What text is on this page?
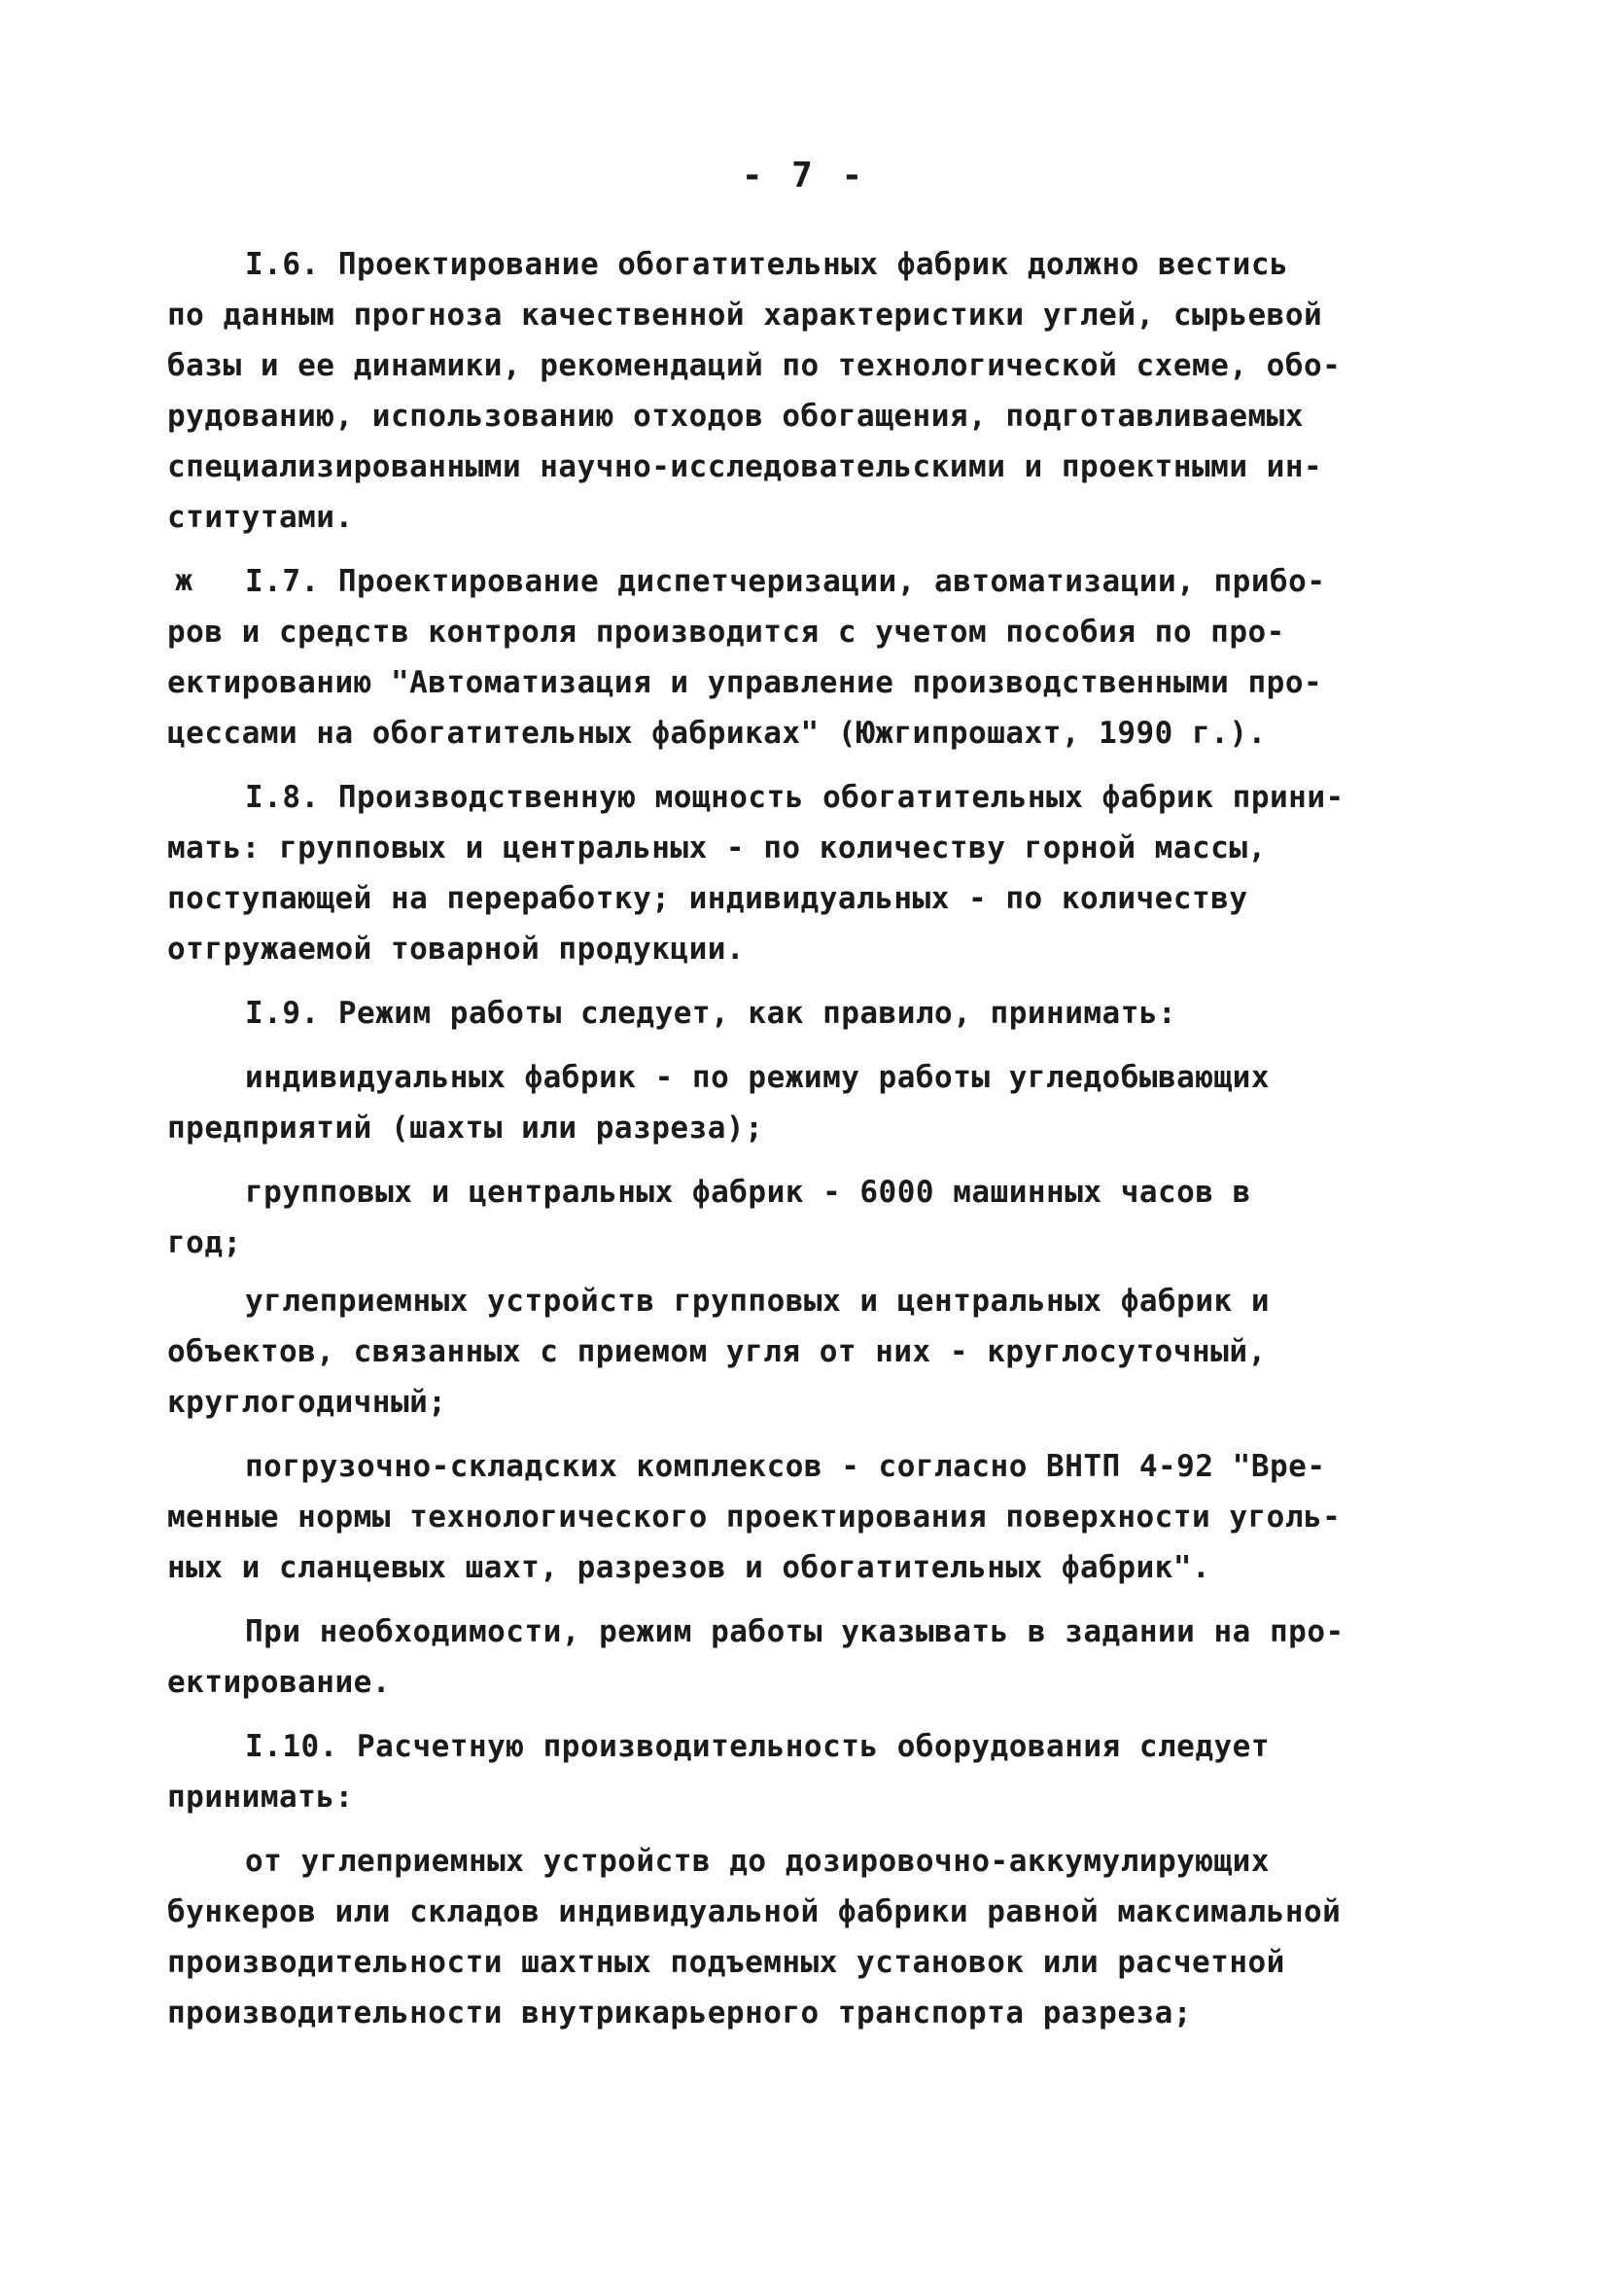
- 7 -
ж
I.6. Проектирование обогатительных фабрик должно вестись
по данным прогноза качественной характеристики углей, сырьевой
базы и ее динамики, рекомендаций по технологической схеме, обо-
рудованию, использованию отходов обогащения, подготавливаемых
специализированными научно-исследовательскими и проектными ин-
ститутами.
I.7. Проектирование диспетчеризации, автоматизации, прибо-
ров и средств контроля производится с учетом пособия по про-
ектированию "Автоматизация и управление производственными про-
цессами на обогатительных фабриках" (Южгипрошахт, 1990 г.).
I.8. Производственную мощность обогатительных фабрик прини-
мать: групповых и центральных - по количеству горной массы,
поступающей на переработку; индивидуальных - по количеству
отгружаемой товарной продукции.
I.9. Режим работы следует, как правило, принимать:
индивидуальных фабрик - по режиму работы угледобывающих
предприятий (шахты или разреза);
групповых и центральных фабрик - 6000 машинных часов в
год;
углеприемных устройств групповых и центральных фабрик и
объектов, связанных с приемом угля от них - круглосуточный,
круглогодичный;
погрузочно-складских комплексов - согласно ВНТП 4-92 "Вре-
менные нормы технологического проектирования поверхности уголь-
ных и сланцевых шахт, разрезов и обогатительных фабрик".
При необходимости, режим работы указывать в задании на про-
ектирование.
I.10. Расчетную производительность оборудования следует
принимать:
от углеприемных устройств до дозировочно-аккумулирующих
бункеров или складов индивидуальной фабрики равной максимальной
производительности шахтных подъемных установок или расчетной
производительности внутрикарьерного транспорта разреза;
